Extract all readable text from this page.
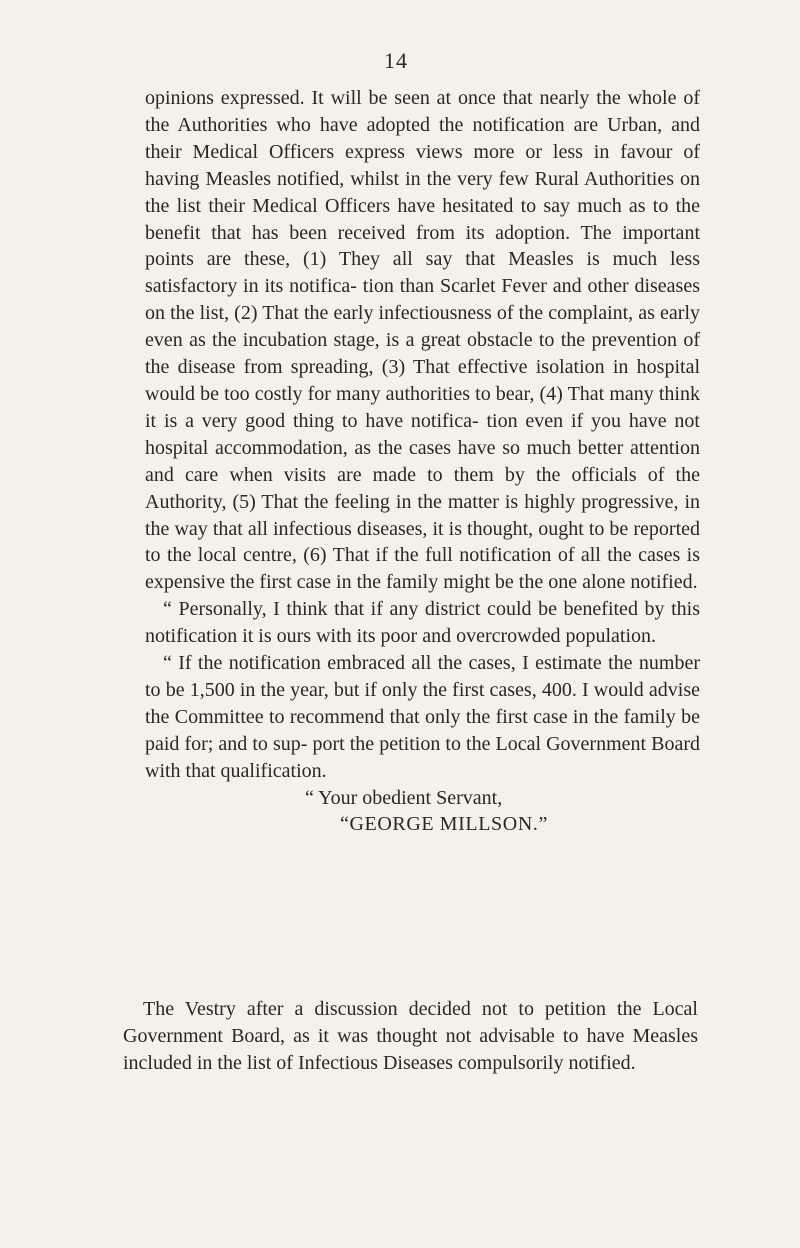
14

opinions expressed. It will be seen at once that nearly the whole of the Authorities who have adopted the notification are Urban, and their Medical Officers express views more or less in favour of having Measles notified, whilst in the very few Rural Authorities on the list their Medical Officers have hesitated to say much as to the benefit that has been received from its adoption. The important points are these, (1) They all say that Measles is much less satisfactory in its notifica- tion than Scarlet Fever and other diseases on the list, (2) That the early infectiousness of the complaint, as early even as the incubation stage, is a great obstacle to the prevention of the disease from spreading, (3) That effective isolation in hospital would be too costly for many authorities to bear, (4) That many think it is a very good thing to have notifica- tion even if you have not hospital accommodation, as the cases have so much better attention and care when visits are made to them by the officials of the Authority, (5) That the feeling in the matter is highly progressive, in the way that all infectious diseases, it is thought, ought to be reported to the local centre, (6) That if the full notification of all the cases is expensive the first case in the family might be the one alone notified.

“ Personally, I think that if any district could be benefited by this notification it is ours with its poor and overcrowded population.

“ If the notification embraced all the cases, I estimate the number to be 1,500 in the year, but if only the first cases, 400. I would advise the Committee to recommend that only the first case in the family be paid for; and to sup- port the petition to the Local Government Board with that qualification.

“ Your obedient Servant,

“GEORGE MILLSON.”

The Vestry after a discussion decided not to petition the Local Government Board, as it was thought not advisable to have Measles included in the list of Infectious Diseases compulsorily notified.
